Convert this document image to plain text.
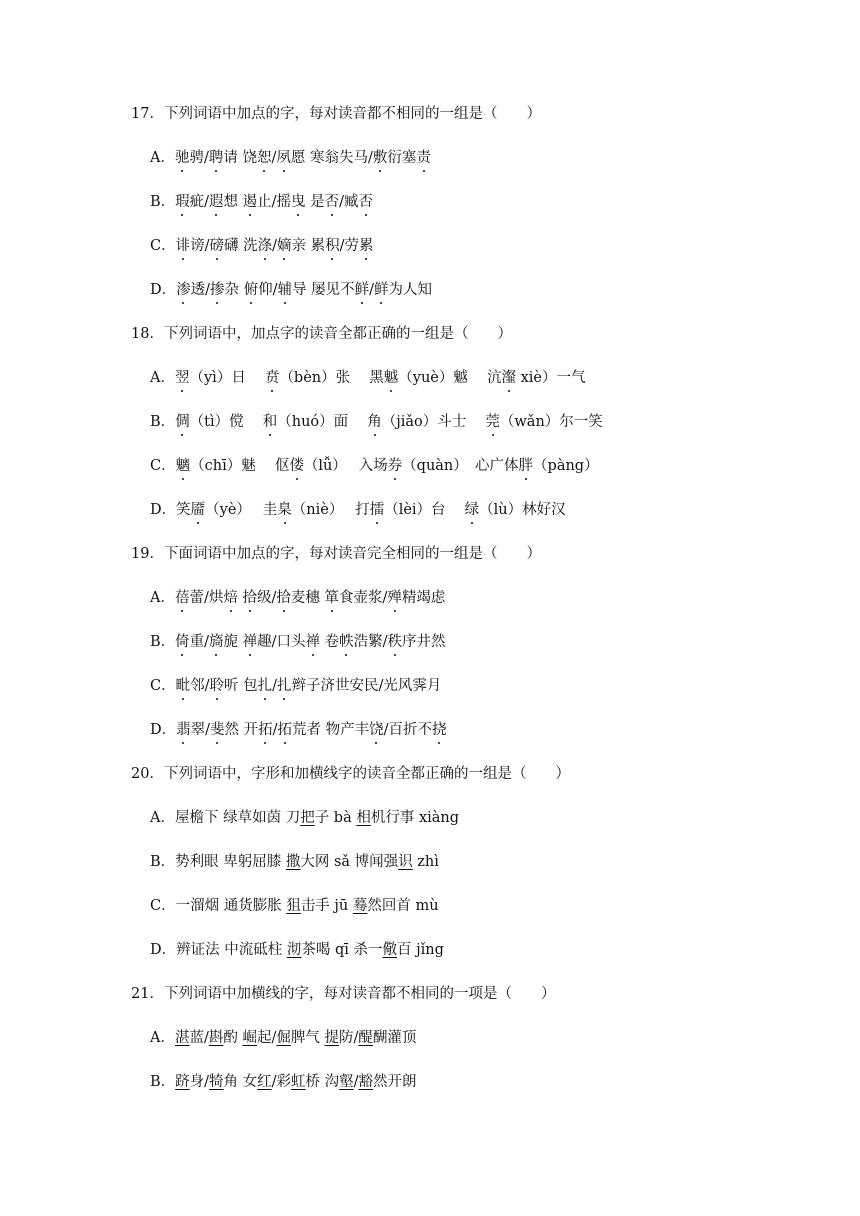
17．下列词语中加点的字，每对读音都不相同的一组是（　　）
A．驰骋/聘请 饶恕/夙愿 寒翁失马/敷衍塞责
B．瑕疵/遐想 遏止/摇曳 是否/臧否
C．诽谤/磅礴 洗涤/嫡亲 累积/劳累
D．渗透/掺杂 俯仰/辅导 屡见不鲜/鲜为人知
18．下列词语中，加点字的读音全都正确的一组是（　　）
A．翌（yì）日　 贲（bèn）张　 黑魆（yuè）魆　 沆瀣 xiè）一气
B．倜（tì）傥　 和（huó）面　 角（jiǎo）斗士　 莞（wǎn）尔一笑
C．魑（chī）魅　 伛偻（lǚ）　 入场券（quàn）　心广体胖（pàng）
D．笑靥（yè）　 圭臬（niè）　 打擂（lèi）台　 绿（lù）林好汉
19．下面词语中加点的字，每对读音完全相同的一组是（　　）
A．蓓蕾/烘焙 拾级/拾麦穗 箪食壶浆/殚精竭虑
B．倚重/旖旎 禅趣/口头禅 卷帙浩繁/秩序井然
C．毗邻/聆听 包扎/扎辫子济世安民/光风霁月
D．翡翠/斐然 开拓/拓荒者 物产丰饶/百折不挠
20．下列词语中，字形和加横线字的读音全都正确的一组是（　　）
A．屋檐下 绿草如茵 刀把子 bà 相机行事 xiàng
B．势利眼 卑躬屈膝 撒大网 sǎ 博闻强识 zhì
C．一溜烟 通货膨胀 狙击手 jū 蓦然回首 mù
D．辨证法 中流砥柱 沏茶喝 qī 杀一儆百 jǐng
21．下列词语中加横线的字，每对读音都不相同的一项是（　　）
A．湛蓝/斟酌 崛起/倔脾气 提防/醍醐灌顶
B．跻身/犄角 女红/彩虹桥 沟壑/豁然开朗
